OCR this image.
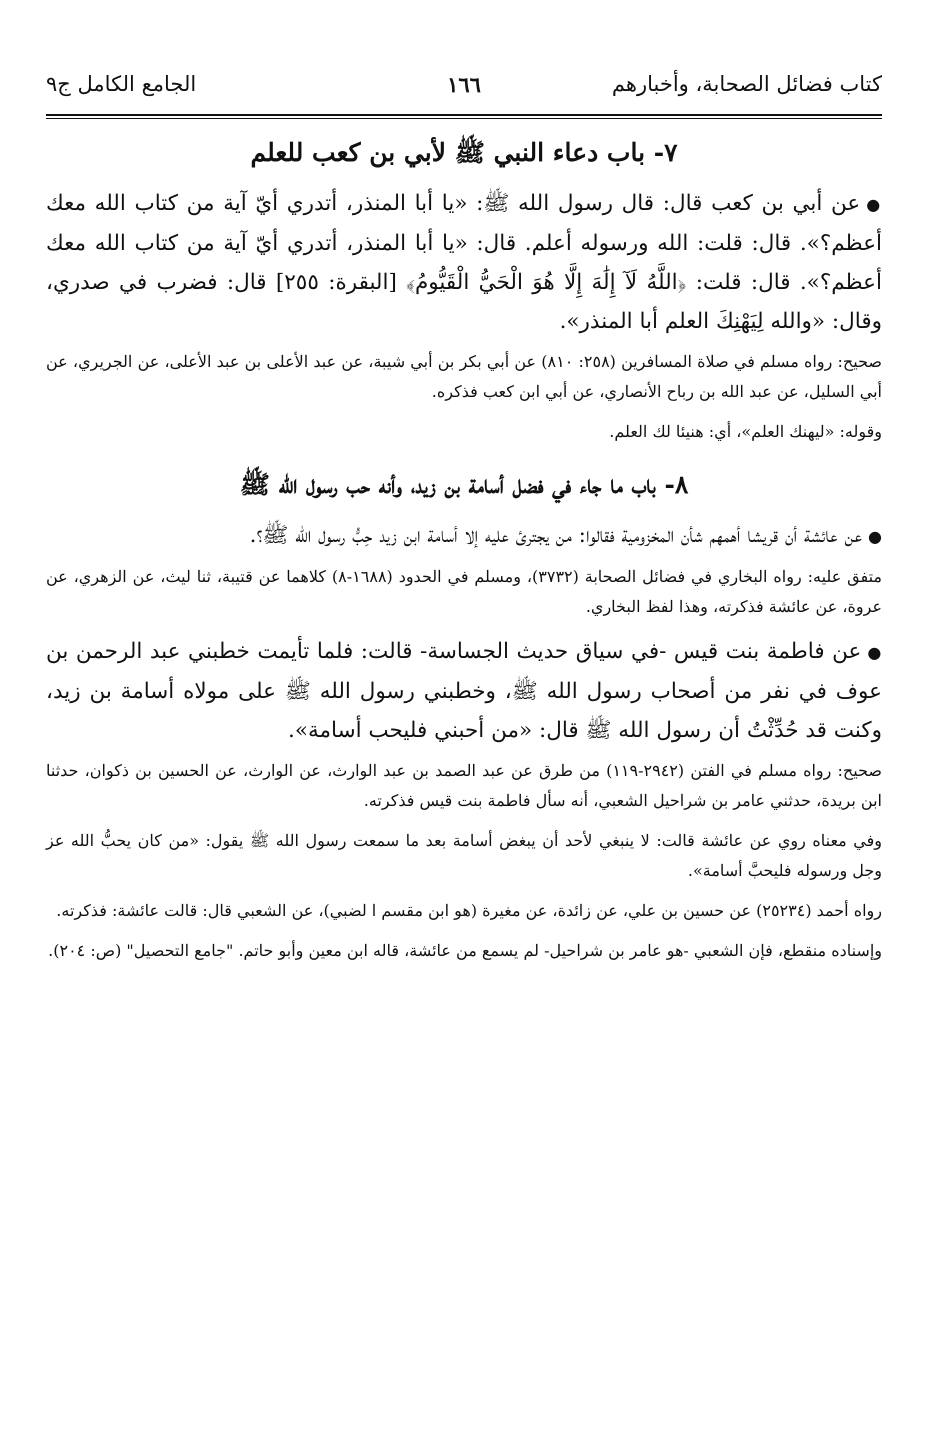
كتاب فضائل الصحابة، وأخبارهم
١٦٦
الجامع الكامل ج٩
٧- باب دعاء النبي ﷺ لأبي بن كعب للعلم

●عن أبي بن كعب قال: قال رسول الله ﷺ: «يا أبا المنذر، أتدري أيّ آية من كتاب الله معك أعظم؟». قال: قلت: الله ورسوله أعلم. قال: «يا أبا المنذر، أتدري أيّ آية من كتاب الله معك أعظم؟». قال: قلت: ﴿اللَّهُ لَآ إِلَٰهَ إِلَّا هُوَ الْحَيُّ الْقَيُّومُ﴾ [البقرة: ٢٥٥] قال: فضرب في صدري، وقال: «والله لِيَهْنِكَ العلم أبا المنذر».

صحيح: رواه مسلم في صلاة المسافرين (٢٥٨: ٨١٠) عن أبي بكر بن أبي شيبة، عن عبد الأعلى بن عبد الأعلى، عن الجريري، عن أبي السليل، عن عبد الله بن رباح الأنصاري، عن أبي ابن كعب فذكره.

وقوله: «ليهنك العلم»، أي: هنيئا لك العلم.

٨- باب ما جاء في فضل أسامة بن زيد، وأنه حب رسول الله ﷺ

●عن عائشة أن قريشا أهمهم شأن المخزومية فقالوا: من يجترئ عليه إلا أسامة ابن زيد حِبُّ رسول الله ﷺ؟.

متفق عليه: رواه البخاري في فضائل الصحابة (٣٧٣٢)، ومسلم في الحدود (١٦٨٨-٨) كلاهما عن قتيبة، ثنا ليث، عن الزهري، عن عروة، عن عائشة فذكرته، وهذا لفظ البخاري.

●عن فاطمة بنت قيس -في سياق حديث الجساسة- قالت: فلما تأيمت خطبني عبد الرحمن بن عوف في نفر من أصحاب رسول الله ﷺ، وخطبني رسول الله ﷺ على مولاه أسامة بن زيد، وكنت قد حُدِّثْتُ أن رسول الله ﷺ قال: «من أحبني فليحب أسامة».

صحيح: رواه مسلم في الفتن (٢٩٤٢-١١٩) من طرق عن عبد الصمد بن عبد الوارث، عن الوارث، عن الحسين بن ذكوان، حدثنا ابن بريدة، حدثني عامر بن شراحيل الشعبي، أنه سأل فاطمة بنت قيس فذكرته.

وفي معناه روي عن عائشة قالت: لا ينبغي لأحد أن يبغض أسامة بعد ما سمعت رسول الله ﷺ يقول: «من كان يحبُّ الله عز وجل ورسوله فليحبَّ أسامة».

رواه أحمد (٢٥٢٣٤) عن حسين بن علي، عن زائدة، عن مغيرة (هو ابن مقسم ا لضبي)، عن الشعبي قال: قالت عائشة: فذكرته.

وإسناده منقطع، فإن الشعبي -هو عامر بن شراحيل- لم يسمع من عائشة، قاله ابن معين وأبو حاتم. "جامع التحصيل" (ص: ٢٠٤).
